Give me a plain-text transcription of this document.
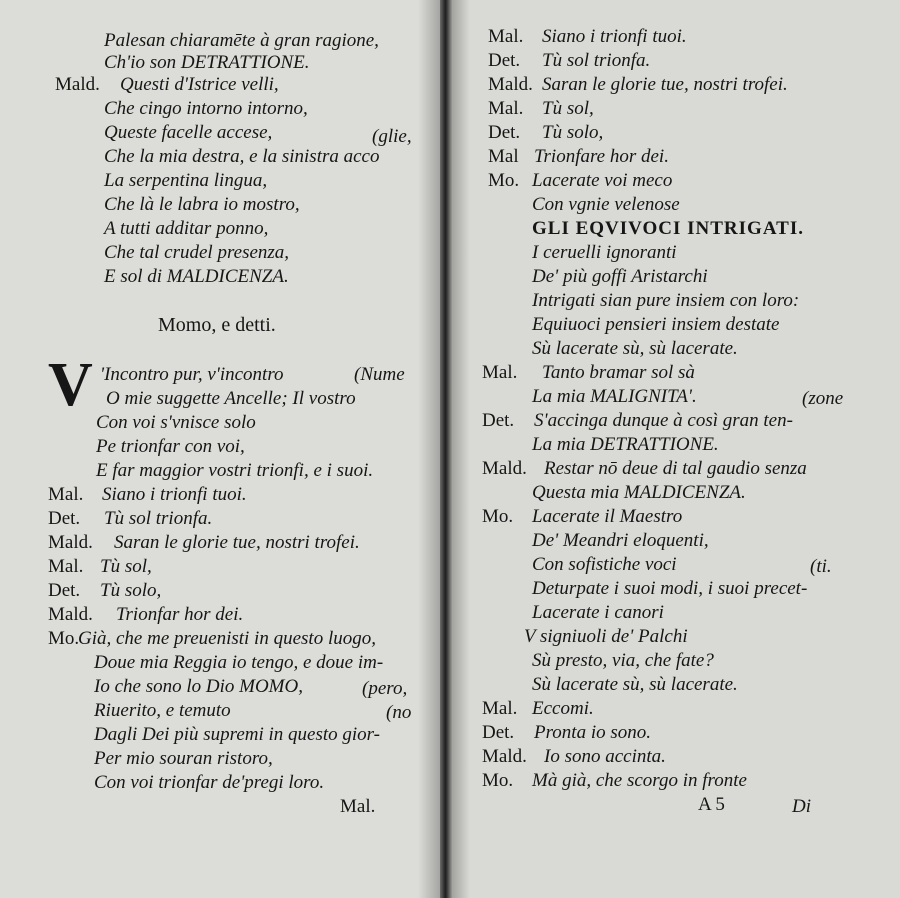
Palesan chiaramēte à gran ragione,
Ch'io son DETRATTIONE.
Mald. Questi d'Istrice velli,
Che cingo intorno intorno,
Queste facelle accese,	(glie,
Che la mia destra, e la sinistra acco
La serpentina lingua,
Che là le labra io mostro,
A tutti additar ponno,
Che tal crudel presenza,
E sol di MALDICENZA.
Momo, e detti.
V 'Incontro pur, v'incontro	(Nume
O mie suggette Ancelle; Il vostro
Con voi s'vnisce solo
Pe trionfar con voi,
E far maggior vostri trionfi, e i suoi.
Mal. Siano i trionfi tuoi.
Det. Tù sol trionfa.
Mald. Saran le glorie tue, nostri trofei.
Mal. Tù sol,
Det. Tù solo,
Mald. Trionfar hor dei.
Mo.
Già, che me preuenisti in questo luogo,
Doue mia Reggia io tengo, e doue im-
Io che sono lo Dio MOMO,	(pero,
Riuerito, e temuto	(no
Dagli Dei più supremi in questo gior-
Per mio souran ristoro,
Con voi trionfar de'pregi loro.
Mal.
Mal. Siano i trionfi tuoi.
Det. Tù sol trionfa.
Mald. Saran le glorie tue, nostri trofei.
Mal. Tù sol,
Det. Tù solo,
Mal Trionfare hor dei.
Mo. Lacerate voi meco
Con vgnie velenose
GLI EQVIVOCI INTRIGATI.
I ceruelli ignoranti
De' più goffi Aristarchi
Intrigati sian pure insiem con loro:
Equiuoci pensieri insiem destate
Sù lacerate sù, sù lacerate.
Mal. Tanto bramar sol sà
La mia MALIGNITA'.	(zone
Det. S'accinga dunque à così gran ten-
La mia DETRATTIONE.
Mald. Restar nō deue di tal gaudio senza
Questa mia MALDICENZA.
Mo. Lacerate il Maestro
De' Meandri eloquenti,
Con sofistiche voci	(ti.
Deturpate i suoi modi, i suoi precet-
Lacerate i canori
V signiuoli de' Palchi
Sù presto, via, che fate?
Sù lacerate sù, sù lacerate.
Mal. Eccomi.
Det. Pronta io sono.
Mald. Io sono accinta.
Mo. Mà già, che scorgo in fronte
A 5	Di
